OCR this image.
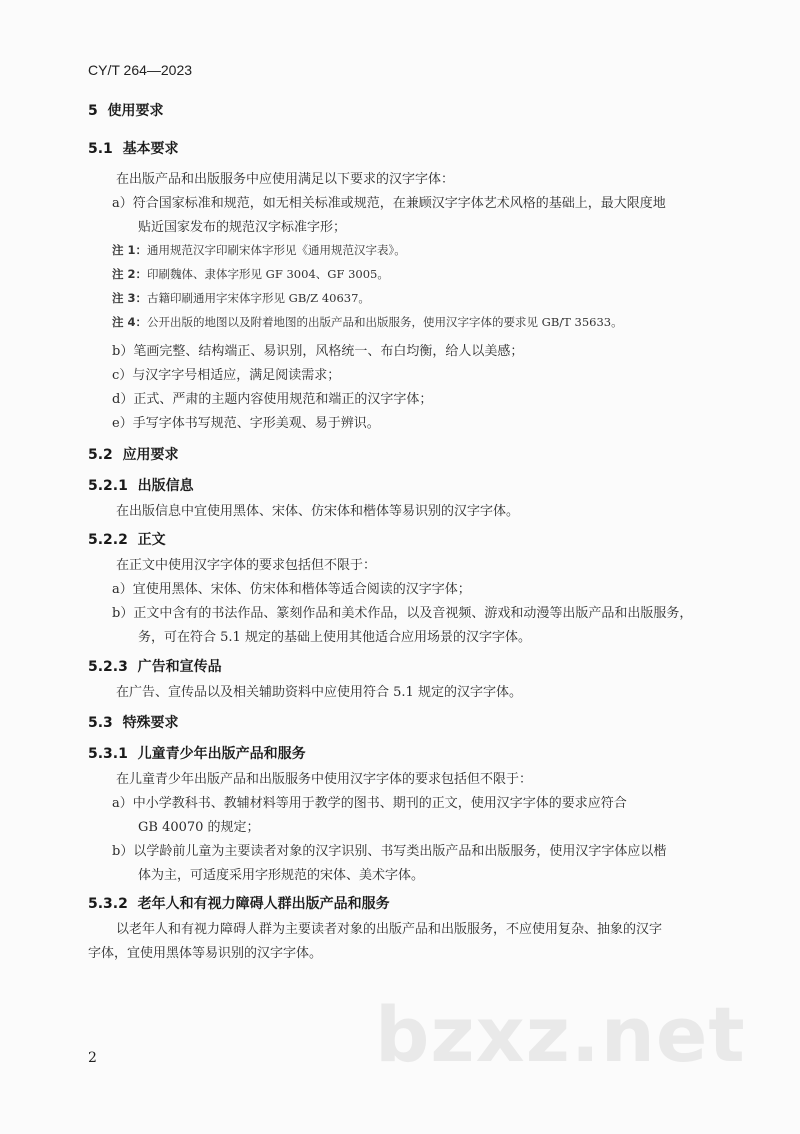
CY/T 264—2023
5 使用要求
5.1 基本要求
在出版产品和出版服务中应使用满足以下要求的汉字字体：
a）符合国家标准和规范，如无相关标准或规范，在兼顾汉字字体艺术风格的基础上，最大限度地
贴近国家发布的规范汉字标准字形；
注 1：通用规范汉字印刷宋体字形见《通用规范汉字表》。
注 2：印刷魏体、隶体字形见 GF 3004、GF 3005。
注 3：古籍印刷通用字宋体字形见 GB/Z 40637。
注 4：公开出版的地图以及附着地图的出版产品和出版服务，使用汉字字体的要求见 GB/T 35633。
b）笔画完整、结构端正、易识别，风格统一、布白均衡，给人以美感；
c）与汉字字号相适应，满足阅读需求；
d）正式、严肃的主题内容使用规范和端正的汉字字体；
e）手写字体书写规范、字形美观、易于辨识。
5.2 应用要求
5.2.1 出版信息
在出版信息中宜使用黑体、宋体、仿宋体和楷体等易识别的汉字字体。
5.2.2 正文
在正文中使用汉字字体的要求包括但不限于：
a）宜使用黑体、宋体、仿宋体和楷体等适合阅读的汉字字体；
b）正文中含有的书法作品、篆刻作品和美术作品，以及音视频、游戏和动漫等出版产品和出版服务，
务，可在符合 5.1 规定的基础上使用其他适合应用场景的汉字字体。
5.2.3 广告和宣传品
在广告、宣传品以及相关辅助资料中应使用符合 5.1 规定的汉字字体。
5.3 特殊要求
5.3.1 儿童青少年出版产品和服务
在儿童青少年出版产品和出版服务中使用汉字字体的要求包括但不限于：
a）中小学教科书、教辅材料等用于教学的图书、期刊的正文，使用汉字字体的要求应符合
GB 40070 的规定；
b）以学龄前儿童为主要读者对象的汉字识别、书写类出版产品和出版服务，使用汉字字体应以楷
体为主，可适度采用字形规范的宋体、美术字体。
5.3.2 老年人和有视力障碍人群出版产品和服务
以老年人和有视力障碍人群为主要读者对象的出版产品和出版服务，不应使用复杂、抽象的汉字
字体，宜使用黑体等易识别的汉字字体。
bzxz.net
2
